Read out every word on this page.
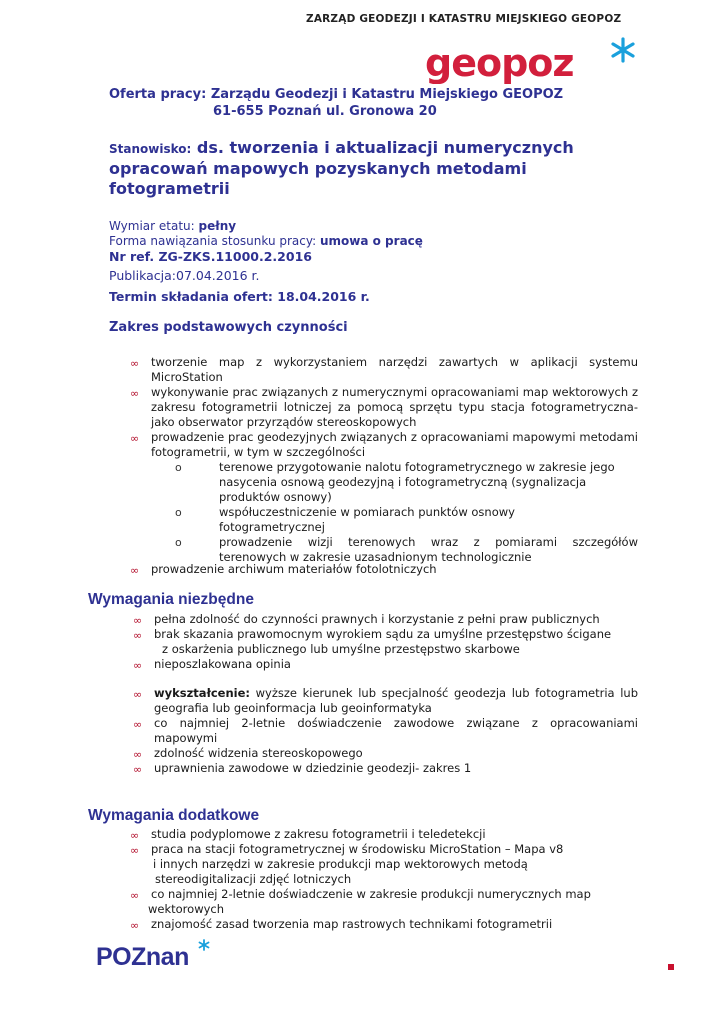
ZARZĄD GEODEZJI I KATASTRU MIEJSKIEGO GEOPOZ
geopoz
Oferta pracy: Zarządu Geodezji i Katastru Miejskiego GEOPOZ
61-655 Poznań ul. Gronowa 20
Stanowisko: ds. tworzenia i aktualizacji numerycznych opracowań mapowych pozyskanych metodami fotogrametrii
Wymiar etatu: pełny
Forma nawiązania stosunku pracy: umowa o pracę
Nr ref. ZG-ZKS.11000.2.2016
Publikacja:07.04.2016 r.
Termin składania ofert: 18.04.2016 r.
Zakres podstawowych czynności
∞ tworzenie map z wykorzystaniem narzędzi zawartych w aplikacji systemu MicroStation
∞ wykonywanie prac związanych z numerycznymi opracowaniami map wektorowych z zakresu fotogrametrii lotniczej za pomocą sprzętu typu stacja fotogrametryczna-jako obserwator przyrządów stereoskopowych
∞ prowadzenie prac geodezyjnych związanych z opracowaniami mapowymi metodami fotogrametrii, w tym w szczególności
o	terenowe przygotowanie nalotu fotogrametrycznego w zakresie jego nasycenia osnową geodezyjną i fotogrametryczną (sygnalizacja produktów osnowy)
o	współuczestniczenie w pomiarach punktów osnowy fotogrametrycznej
o	prowadzenie wizji terenowych wraz z pomiarami szczegółów terenowych w zakresie uzasadnionym technologicznie
∞ prowadzenie archiwum materiałów fotolotniczych
Wymagania niezbędne
∞ pełna zdolność do czynności prawnych i korzystanie z pełni praw publicznych
∞ brak skazania prawomocnym wyrokiem sądu za umyślne przestępstwo ścigane
z oskarżenia publicznego lub umyślne przestępstwo skarbowe
∞ nieposzlakowana opinia
∞ wykształcenie: wyższe kierunek lub specjalność geodezja lub fotogrametria lub geografia lub geoinformacja lub geoinformatyka
∞ co najmniej 2-letnie doświadczenie zawodowe związane z opracowaniami mapowymi
∞ zdolność widzenia stereoskopowego
∞ uprawnienia zawodowe w dziedzinie geodezji- zakres 1
Wymagania dodatkowe
∞ studia podyplomowe z zakresu fotogrametrii i teledetekcji
∞ praca na stacji fotogrametrycznej w środowisku MicroStation – Mapa v8
i innych narzędzi w zakresie produkcji map wektorowych metodą
stereodigitalizacji zdjęć lotniczych
∞ co najmniej 2-letnie doświadczenie w zakresie produkcji numerycznych map
wektorowych
∞ znajomość zasad tworzenia map rastrowych technikami fotogrametrii
POZnan
